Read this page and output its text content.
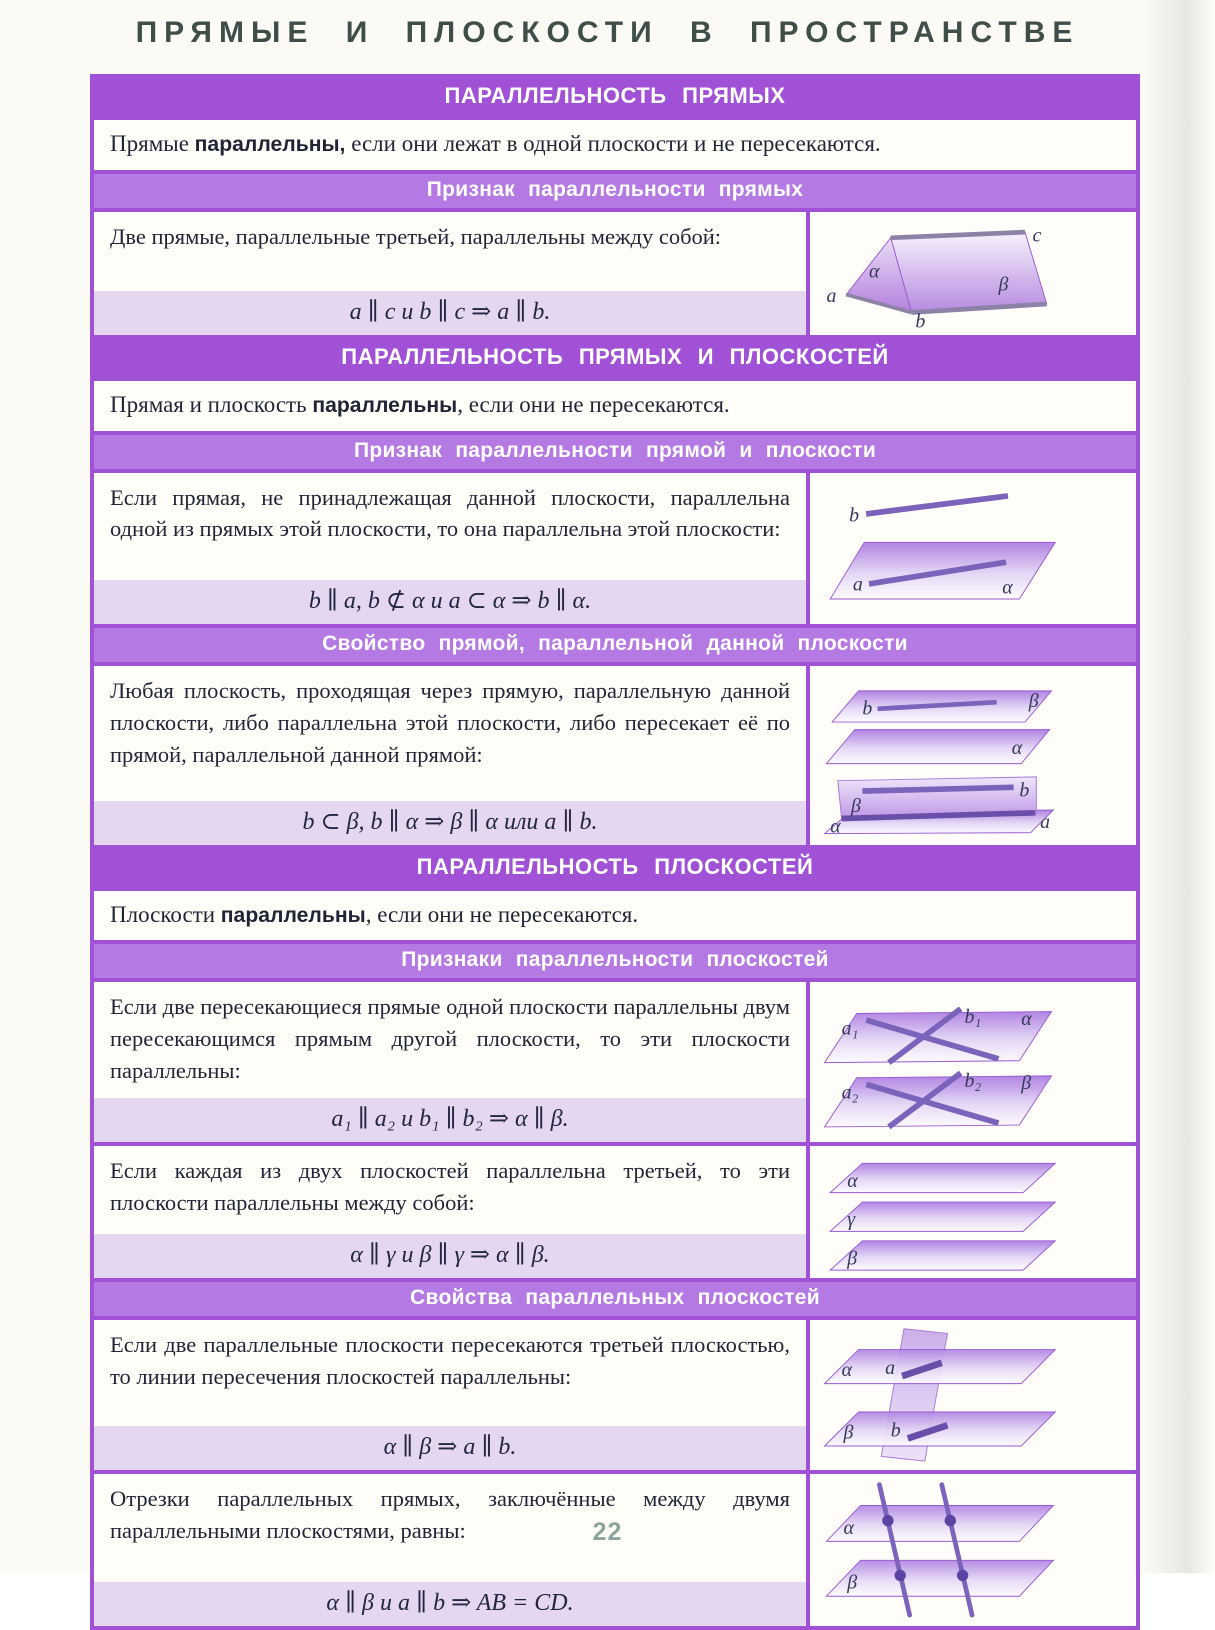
ПРЯМЫЕ И ПЛОСКОСТИ В ПРОСТРАНСТВЕ
ПАРАЛЛЕЛЬНОСТЬ ПРЯМЫХ
Прямые параллельны, если они лежат в одной плоскости и не пересекаются.
Признак параллельности прямых
Две прямые, параллельные третьей, параллельны между собой:
a ∥ c и b ∥ c ⇒ a ∥ b.
c
a
b
α
β
ПАРАЛЛЕЛЬНОСТЬ ПРЯМЫХ И ПЛОСКОСТЕЙ
Прямая и плоскость параллельны, если они не пересекаются.
Признак параллельности прямой и плоскости
Если прямая, не принадлежащая данной плоскости, параллельна одной из прямых этой плоскости, то она параллельна этой плоскости:
b ∥ a, b ⊄ α и a ⊂ α ⇒ b ∥ α.
b
a	α
Свойство прямой, параллельной данной плоскости
Любая плоскость, проходящая через прямую, параллельную данной плоскости, либо параллельна этой плоскости, либо пересекает её по прямой, параллельной данной прямой:
b ⊂ β, b ∥ α ⇒ β ∥ α или a ∥ b.
b	β
α
β
b
α	a
ПАРАЛЛЕЛЬНОСТЬ ПЛОСКОСТЕЙ
Плоскости параллельны, если они не пересекаются.
Признаки параллельности плоскостей
Если две пересекающиеся прямые одной плоскости параллельны двум пересекающимся прямым другой плоскости, то эти плоскости параллельны:
a₁ ∥ a₂ и b₁ ∥ b₂ ⇒ α ∥ β.
a₁
b₁ α
a₂
b₂ β
Если каждая из двух плоскостей параллельна третьей, то эти плоскости параллельны между собой:
α ∥ γ и β ∥ γ ⇒ α ∥ β.
α
γ
β
Свойства параллельных плоскостей
Если две параллельные плоскости пересекаются третьей плоскостью, то линии пересечения плоскостей параллельны:
α ∥ β ⇒ a ∥ b.
α a
β b
Отрезки параллельных прямых, заключённые между двумя параллельными плоскостями, равны:
α ∥ β и a ∥ b ⇒ AB = CD.
α
β
22
